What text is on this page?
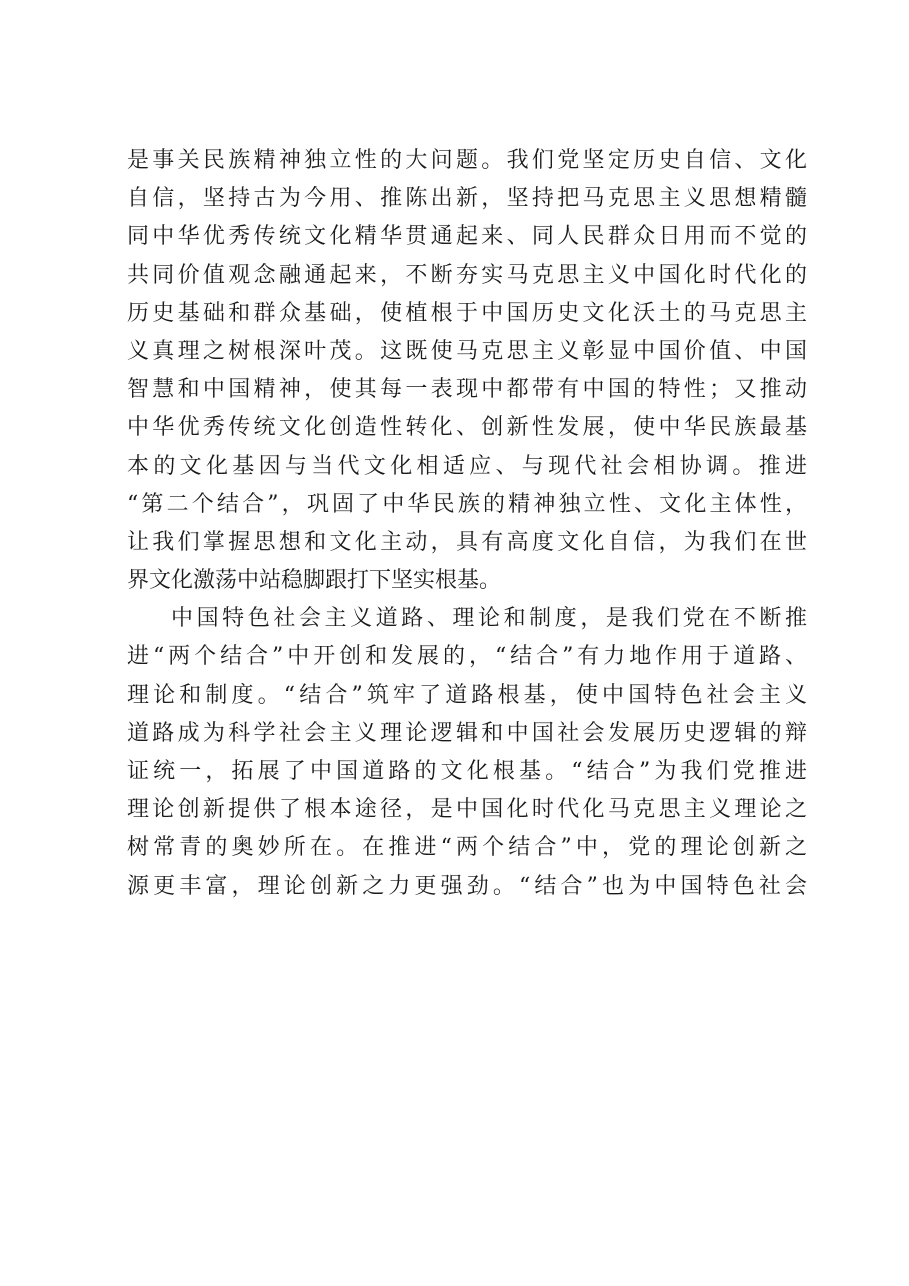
是事关民族精神独立性的大问题。我们党坚定历史自信、文化
自信，坚持古为今用、推陈出新，坚持把马克思主义思想精髓
同中华优秀传统文化精华贯通起来、同人民群众日用而不觉的
共同价值观念融通起来，不断夯实马克思主义中国化时代化的
历史基础和群众基础，使植根于中国历史文化沃土的马克思主
义真理之树根深叶茂。这既使马克思主义彰显中国价值、中国
智慧和中国精神，使其每一表现中都带有中国的特性；又推动
中华优秀传统文化创造性转化、创新性发展，使中华民族最基
本的文化基因与当代文化相适应、与现代社会相协调。推进
“第二个结合”，巩固了中华民族的精神独立性、文化主体性，
让我们掌握思想和文化主动，具有高度文化自信，为我们在世
界文化激荡中站稳脚跟打下坚实根基。
中国特色社会主义道路、理论和制度，是我们党在不断推
进“两个结合”中开创和发展的，“结合”有力地作用于道路、
理论和制度。“结合”筑牢了道路根基，使中国特色社会主义
道路成为科学社会主义理论逻辑和中国社会发展历史逻辑的辩
证统一，拓展了中国道路的文化根基。“结合”为我们党推进
理论创新提供了根本途径，是中国化时代化马克思主义理论之
树常青的奥妙所在。在推进“两个结合”中，党的理论创新之
源更丰富，理论创新之力更强劲。“结合”也为中国特色社会
